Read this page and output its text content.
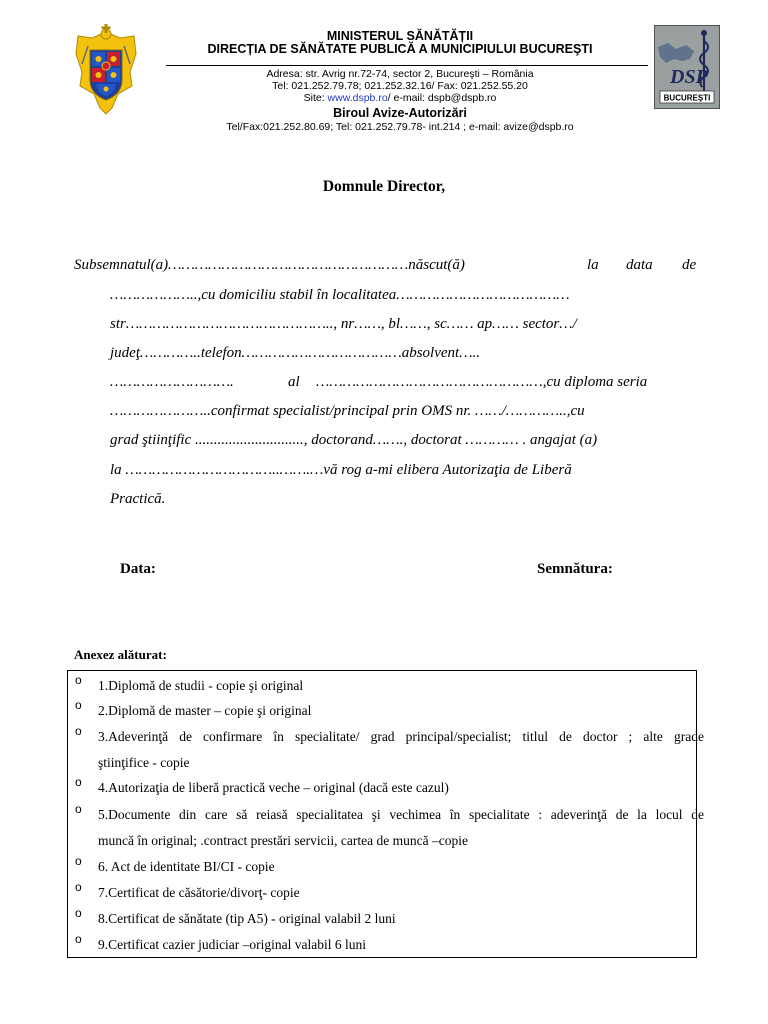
MINISTERUL SĂNĂTĂȚII
DIRECȚIA DE SĂNĂTATE PUBLICĂ A MUNICIPIULUI BUCUREŞTI
Adresa: str. Avrig nr.72-74, sector 2, Bucureşti – România
Tel: 021.252.79.78; 021.252.32.16/ Fax: 021.252.55.20
Site: www.dspb.ro/ e-mail: dspb@dspb.ro
Biroul Avize-Autorizări
Tel/Fax:021.252.80.69; Tel: 021.252.79.78- int.214 ; e-mail: avize@dspb.ro
DSP
BUCUREȘTI
Domnule Director,
Subsemnatul(a)………………………………………………născut(ă)	la data de
………………..,cu domiciliu stabil în localitatea…………………………………
str……………………………………….., nr……, bl……, sc…… ap…… sector…/
judeţ…………..telefon………………………………absolvent…..
……………………….	al ……………………………………………,cu diploma seria
…………………..confirmat specialist/principal prin OMS nr. ……/…………..,cu
grad ştiinţific ............................., doctorand……., doctorat ………… . angajat (a)
la ……………………………..…….…vă rog a-mi elibera Autorizaţia de Liberă
Practică.
Data:	Semnătura:
Anexez alăturat:
o 1.Diplomă de studii - copie şi original
o 2.Diplomă de master – copie şi original
o 3.Adeverinţă de confirmare în specialitate/ grad principal/specialist; titlul de doctor ; alte grade
ştiinţifice - copie
o 4.Autorizaţia de liberă practică veche – original (dacă este cazul)
o 5.Documente din care să reiasă specialitatea şi vechimea în specialitate : adeverinţă de la locul de
muncă în original; .contract prestări servicii, cartea de muncă –copie
o 6. Act de identitate BI/CI - copie
o 7.Certificat de căsătorie/divorţ- copie
o 8.Certificat de sănătate (tip A5) - original valabil 2 luni
o 9.Certificat cazier judiciar –original valabil 6 luni
